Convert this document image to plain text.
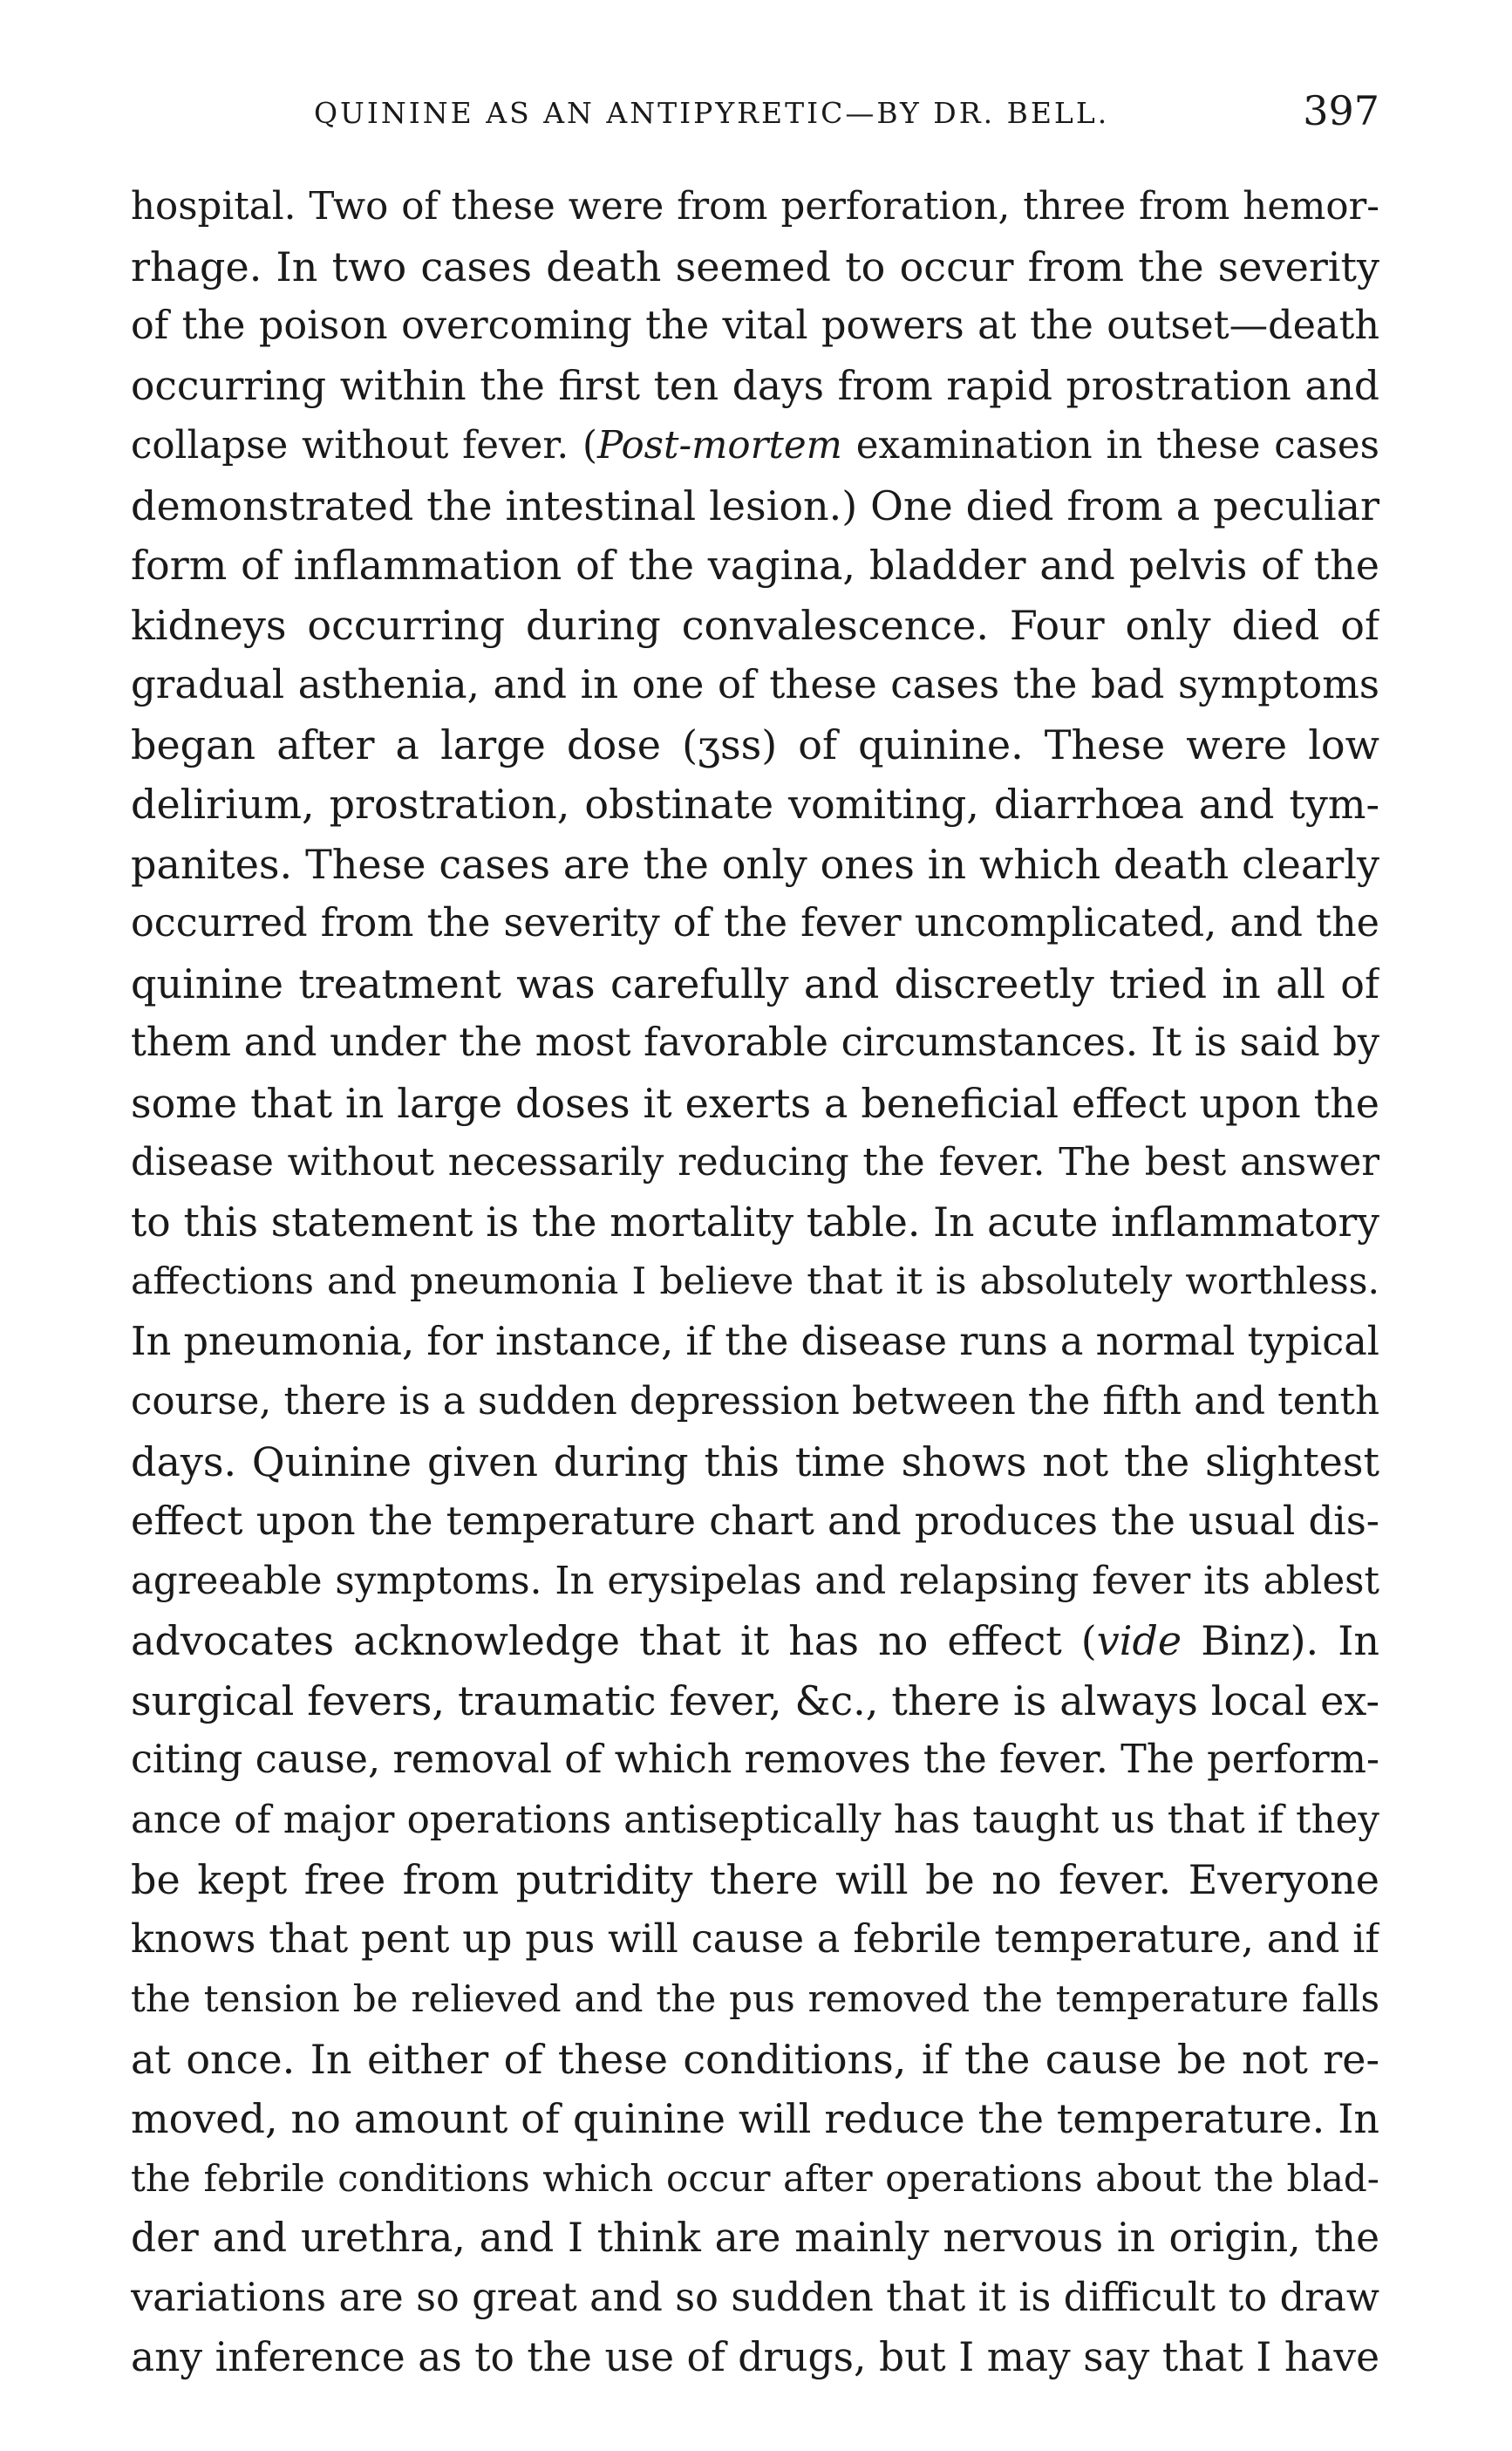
QUININE AS AN ANTIPYRETIC—BY DR. BELL.	397
hospital. Two of these were from perforation, three from hemor-
rhage. In two cases death seemed to occur from the severity
of the poison overcoming the vital powers at the outset—death
occurring within the first ten days from rapid prostration and
collapse without fever. (Post-mortem examination in these cases
demonstrated the intestinal lesion.) One died from a peculiar
form of inflammation of the vagina, bladder and pelvis of the
kidneys occurring during convalescence. Four only died of
gradual asthenia, and in one of these cases the bad symptoms
began after a large dose (ʒss) of quinine. These were low
delirium, prostration, obstinate vomiting, diarrhœa and tym-
panites. These cases are the only ones in which death clearly
occurred from the severity of the fever uncomplicated, and the
quinine treatment was carefully and discreetly tried in all of
them and under the most favorable circumstances. It is said by
some that in large doses it exerts a beneficial effect upon the
disease without necessarily reducing the fever. The best answer
to this statement is the mortality table. In acute inflammatory
affections and pneumonia I believe that it is absolutely worthless.
In pneumonia, for instance, if the disease runs a normal typical
course, there is a sudden depression between the fifth and tenth
days. Quinine given during this time shows not the slightest
effect upon the temperature chart and produces the usual dis-
agreeable symptoms. In erysipelas and relapsing fever its ablest
advocates acknowledge that it has no effect (vide Binz). In
surgical fevers, traumatic fever, &c., there is always local ex-
citing cause, removal of which removes the fever. The perform-
ance of major operations antiseptically has taught us that if they
be kept free from putridity there will be no fever. Everyone
knows that pent up pus will cause a febrile temperature, and if
the tension be relieved and the pus removed the temperature falls
at once. In either of these conditions, if the cause be not re-
moved, no amount of quinine will reduce the temperature. In
the febrile conditions which occur after operations about the blad-
der and urethra, and I think are mainly nervous in origin, the
variations are so great and so sudden that it is difficult to draw
any inference as to the use of drugs, but I may say that I have
